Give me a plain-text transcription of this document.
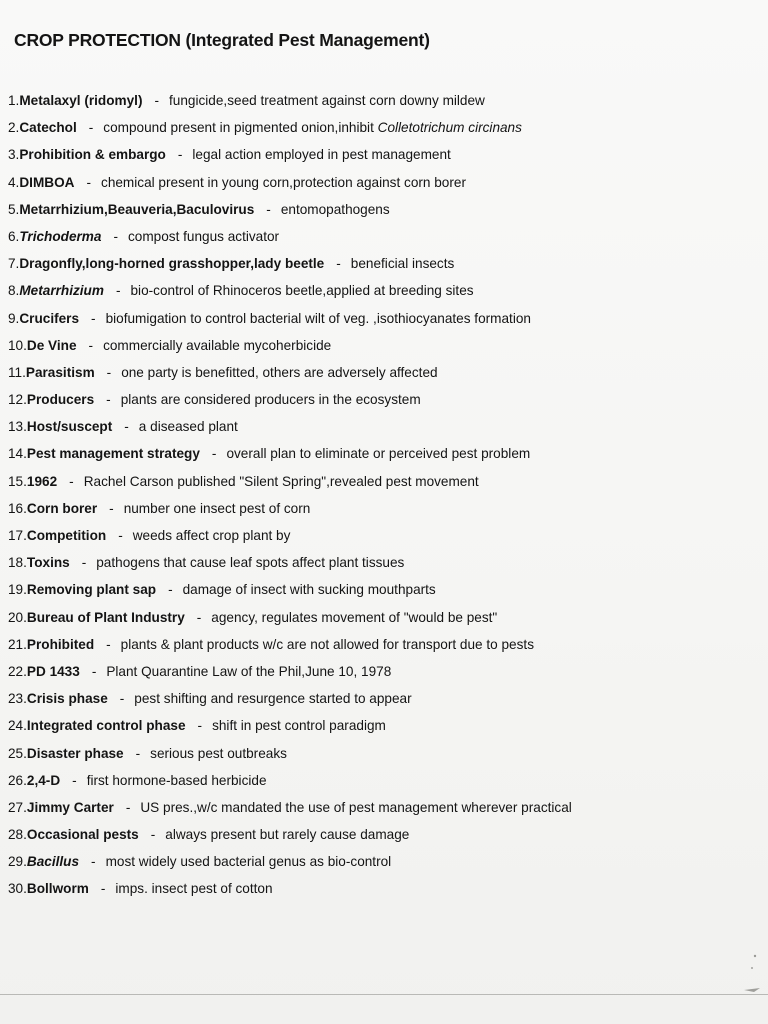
CROP PROTECTION (Integrated Pest Management)
1.Metalaxyl (ridomyl) - fungicide,seed treatment against corn downy mildew
2.Catechol - compound present in pigmented onion,inhibit Colletotrichum circinans
3.Prohibition & embargo - legal action employed in pest management
4.DIMBOA - chemical present in young corn,protection against corn borer
5.Metarrhizium,Beauveria,Baculovirus - entomopathogens
6.Trichoderma - compost fungus activator
7.Dragonfly,long-horned grasshopper,lady beetle - beneficial insects
8.Metarrhizium - bio-control of Rhinoceros beetle,applied at breeding sites
9.Crucifers - biofumigation to control bacterial wilt of veg. ,isothiocyanates formation
10.De Vine - commercially available mycoherbicide
11.Parasitism - one party is benefitted, others are adversely affected
12.Producers - plants are considered producers in the ecosystem
13.Host/suscept - a diseased plant
14.Pest management strategy - overall plan to eliminate or perceived pest problem
15.1962 - Rachel Carson published "Silent Spring",revealed pest movement
16.Corn borer - number one insect pest of corn
17.Competition - weeds affect crop plant by
18.Toxins - pathogens that cause leaf spots affect plant tissues
19.Removing plant sap - damage of insect with sucking mouthparts
20.Bureau of Plant Industry - agency, regulates movement of "would be pest"
21.Prohibited - plants & plant products w/c are not allowed for transport due to pests
22.PD 1433 - Plant Quarantine Law of the Phil,June 10, 1978
23.Crisis phase - pest shifting and resurgence started to appear
24.Integrated control phase - shift in pest control paradigm
25.Disaster phase - serious pest outbreaks
26.2,4-D - first hormone-based herbicide
27.Jimmy Carter - US pres.,w/c mandated the use of pest management wherever practical
28.Occasional pests - always present but rarely cause damage
29.Bacillus - most widely used bacterial genus as bio-control
30.Bollworm - imps. insect pest of cotton
